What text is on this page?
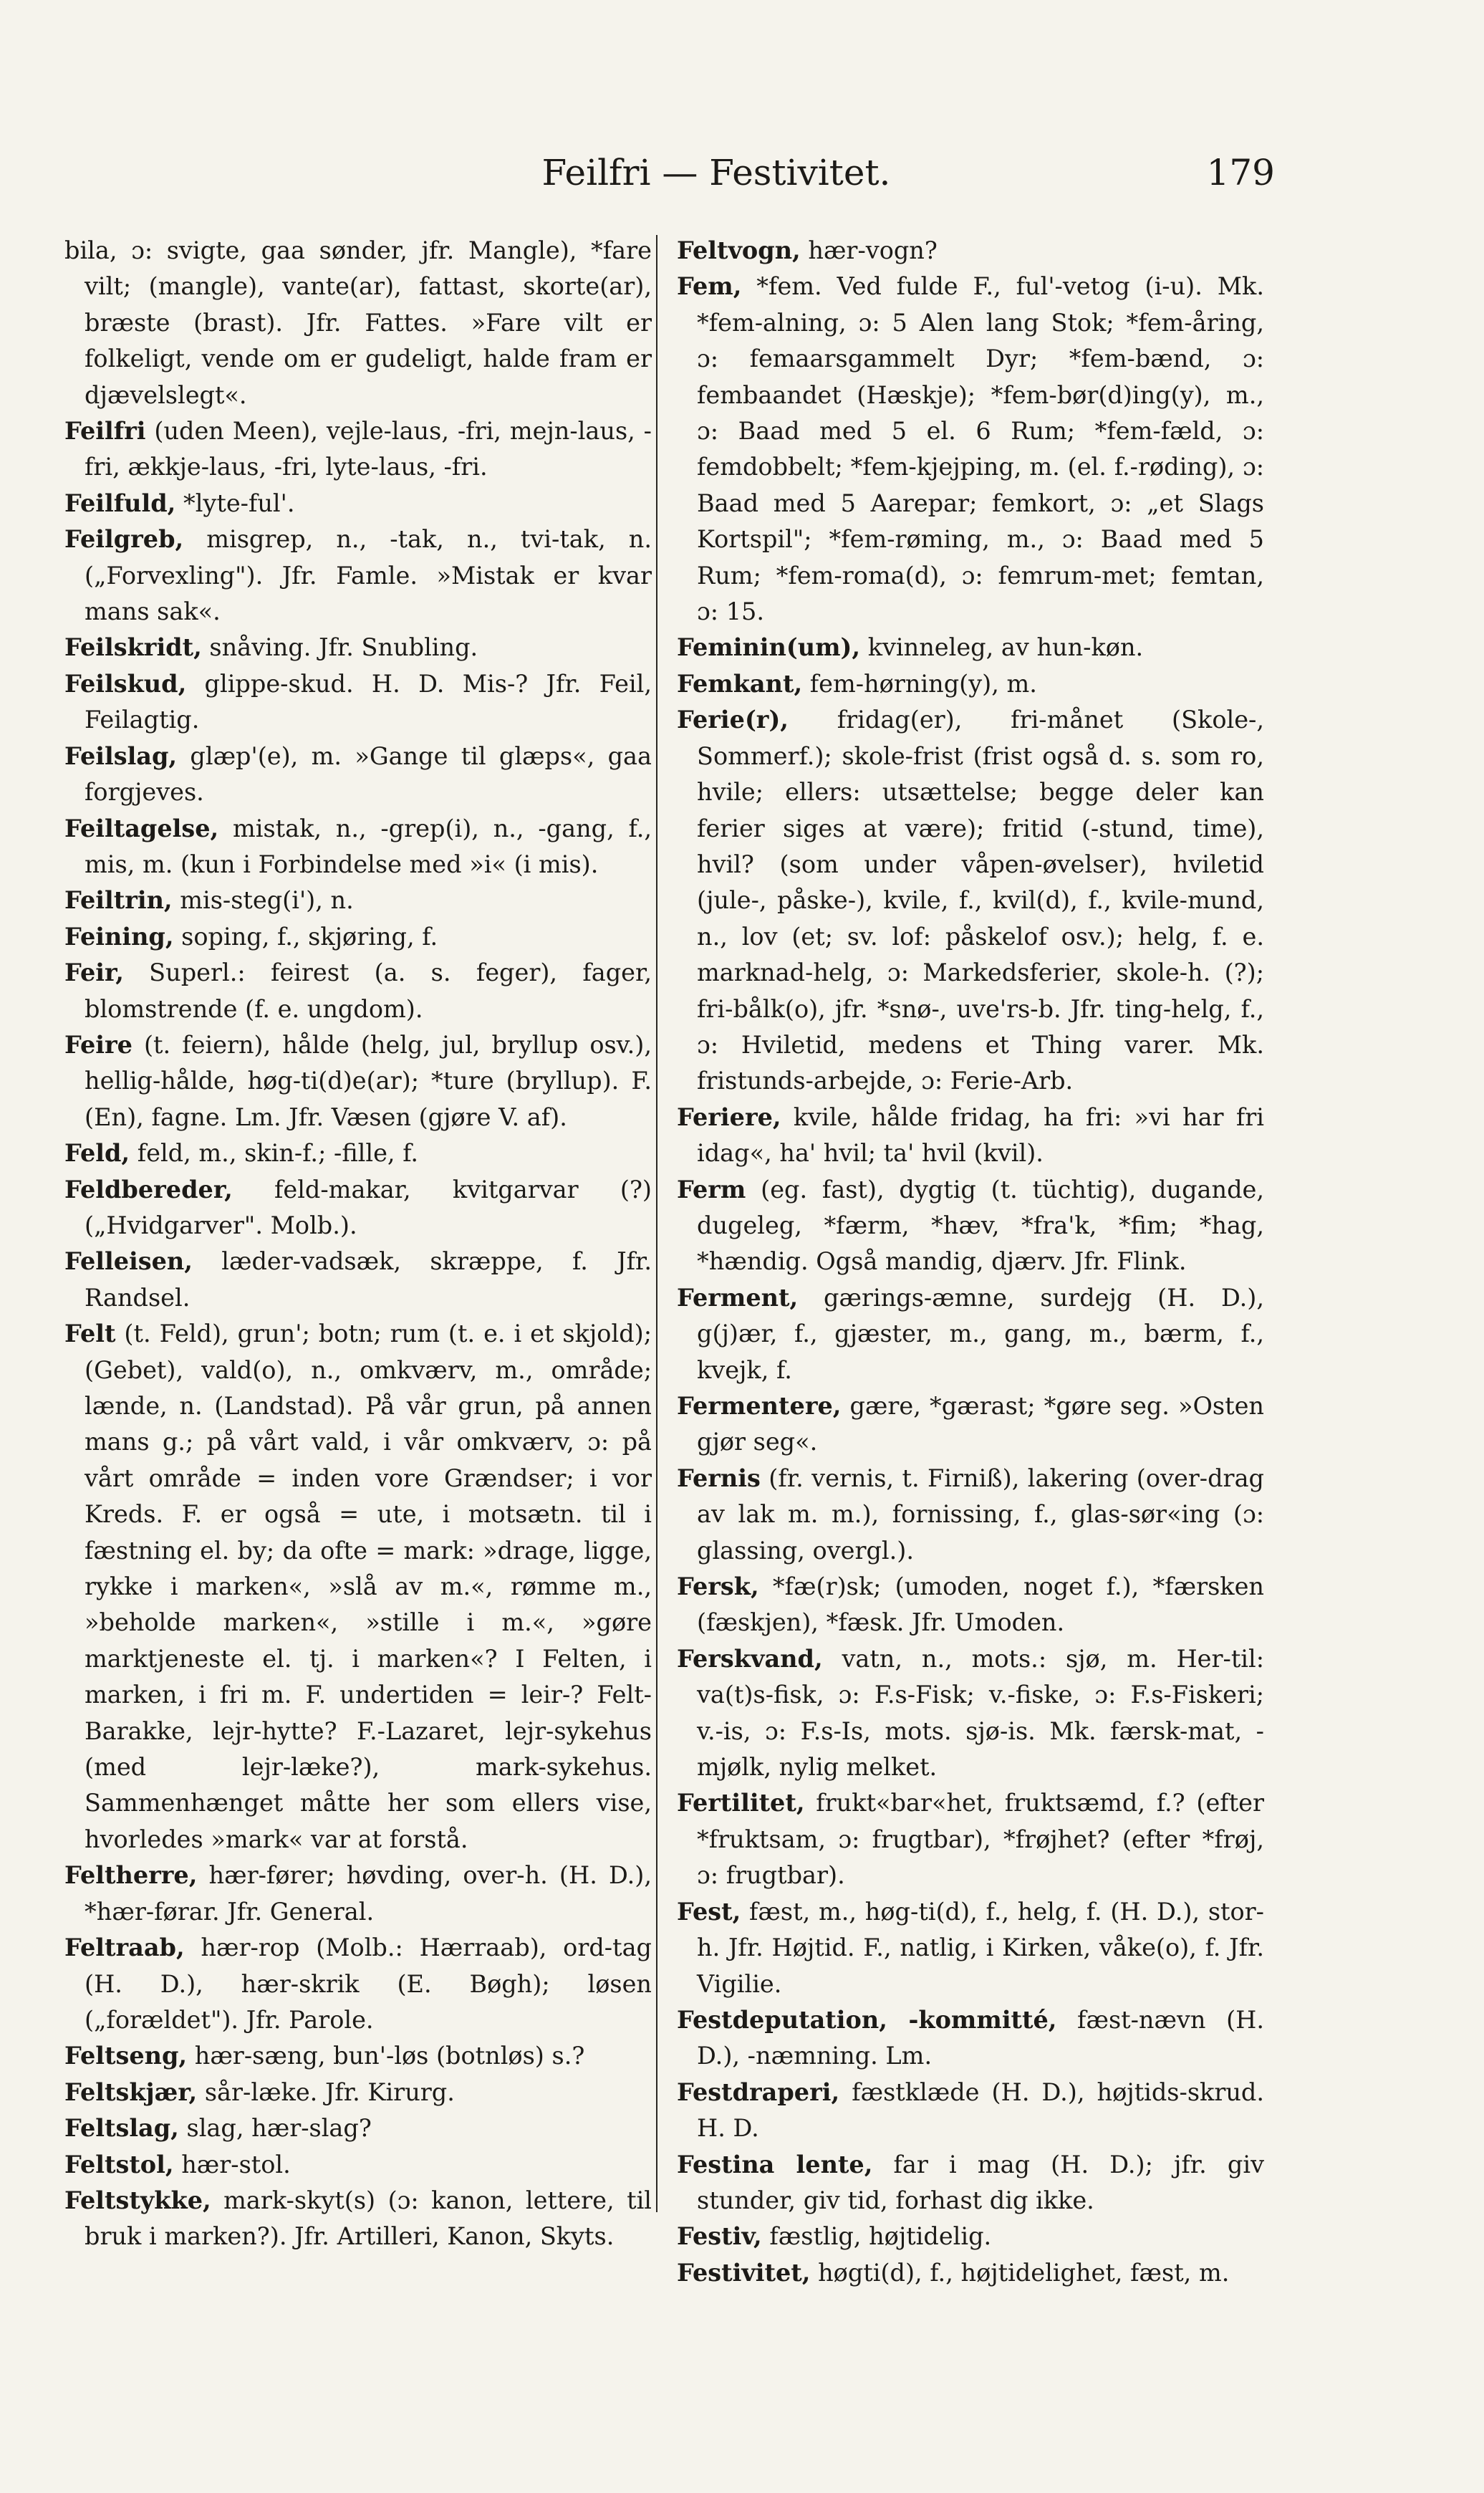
Feilfri — Festivitet.	179

bila, ɔ: svigte, gaa sønder, jfr. Mangle), *fare vilt; (mangle), vante(ar), fattast, skorte(ar), bræste (brast). Jfr. Fattes. »Fare vilt er folkeligt, vende om er gudeligt, halde fram er djævelslegt«.

Feilfri (uden Meen), vejle-laus, -fri, mejn-laus, -fri, ækkje-laus, -fri, lyte-laus, -fri.

Feilfuld, *lyte-ful'.

Feilgreb, misgrep, n., -tak, n., tvi-tak, n. („Forvexling"). Jfr. Famle. »Mistak er kvar mans sak«.

Feilskridt, snåving. Jfr. Snubling.

Feilskud, glippe-skud. H. D. Mis-? Jfr. Feil, Feilagtig.

Feilslag, glæp'(e), m. »Gange til glæps«, gaa forgjeves.

Feiltagelse, mistak, n., -grep(i), n., -gang, f., mis, m. (kun i Forbindelse med »i« (i mis).

Feiltrin, mis-steg(i'), n.

Feining, soping, f., skjøring, f.

Feir, Superl.: feirest (a. s. feger), fager, blomstrende (f. e. ungdom).

Feire (t. feiern), hålde (helg, jul, bryllup osv.), hellig-hålde, høg-ti(d)e(ar); *ture (bryllup). F. (En), fagne. Lm. Jfr. Væsen (gjøre V. af).

Feld, feld, m., skin-f.; -fille, f.

Feldbereder, feld-makar, kvitgarvar (?) („Hvidgarver". Molb.).

Felleisen, læder-vadsæk, skræppe, f. Jfr. Randsel.

Felt (t. Feld), grun'; botn; rum (t. e. i et skjold); (Gebet), vald(o), n., omkværv, m., område; lænde, n. (Landstad). På vår grun, på annen mans g.; på vårt vald, i vår omkværv, ɔ: på vårt område = inden vore Grændser; i vor Kreds. F. er også = ute, i motsætn. til i fæstning el. by; da ofte = mark: »drage, ligge, rykke i marken«, »slå av m.«, rømme m., »beholde marken«, »stille i m.«, »gøre marktjeneste el. tj. i marken«? I Felten, i marken, i fri m. F. undertiden = leir-? Felt-Barakke, lejr-hytte? F.-Lazaret, lejr-sykehus (med lejr-læke?), mark-sykehus. Sammenhænget måtte her som ellers vise, hvorledes »mark« var at forstå.

Feltherre, hær-fører; høvding, over-h. (H. D.), *hær-førar. Jfr. General.

Feltraab, hær-rop (Molb.: Hærraab), ord-tag (H. D.), hær-skrik (E. Bøgh); løsen („forældet"). Jfr. Parole.

Feltseng, hær-sæng, bun'-løs (botnløs) s.?

Feltskjær, sår-læke. Jfr. Kirurg.

Feltslag, slag, hær-slag?

Feltstol, hær-stol.

Feltstykke, mark-skyt(s) (ɔ: kanon, lettere, til bruk i marken?). Jfr. Artilleri, Kanon, Skyts.

Feltvogn, hær-vogn?

Fem, *fem. Ved fulde F., ful'-vetog (i-u). Mk. *fem-alning, ɔ: 5 Alen lang Stok; *fem-åring, ɔ: femaarsgammelt Dyr; *fem-bænd, ɔ: fembaandet (Hæskje); *fem-bør(d)ing(y), m., ɔ: Baad med 5 el. 6 Rum; *fem-fæld, ɔ: femdobbelt; *fem-kjejping, m. (el. f.-røding), ɔ: Baad med 5 Aarepar; femkort, ɔ: „et Slags Kortspil"; *fem-røming, m., ɔ: Baad med 5 Rum; *fem-roma(d), ɔ: femrum-met; femtan, ɔ: 15.

Feminin(um), kvinneleg, av hun-køn.

Femkant, fem-hørning(y), m.

Ferie(r), fridag(er), fri-månet (Skole-, Sommerf.); skole-frist (frist også d. s. som ro, hvile; ellers: utsættelse; begge deler kan ferier siges at være); fritid (-stund, time), hvil? (som under våpen-øvelser), hviletid (jule-, påske-), kvile, f., kvil(d), f., kvile-mund, n., lov (et; sv. lof: påskelof osv.); helg, f. e. marknad-helg, ɔ: Markedsferier, skole-h. (?); fri-bålk(o), jfr. *snø-, uve'rs-b. Jfr. ting-helg, f., ɔ: Hviletid, medens et Thing varer. Mk. fristunds-arbejde, ɔ: Ferie-Arb.

Feriere, kvile, hålde fridag, ha fri: »vi har fri idag«, ha' hvil; ta' hvil (kvil).

Ferm (eg. fast), dygtig (t. tüchtig), dugande, dugeleg, *færm, *hæv, *fra'k, *fim; *hag, *hændig. Også mandig, djærv. Jfr. Flink.

Ferment, gærings-æmne, surdejg (H. D.), g(j)ær, f., gjæster, m., gang, m., bærm, f., kvejk, f.

Fermentere, gære, *gærast; *gøre seg. »Osten gjør seg«.

Fernis (fr. vernis, t. Firniß), lakering (over-drag av lak m. m.), fornissing, f., glas-sør«ing (ɔ: glassing, overgl.).

Fersk, *fæ(r)sk; (umoden, noget f.), *færsken (fæskjen), *fæsk. Jfr. Umoden.

Ferskvand, vatn, n., mots.: sjø, m. Her-til: va(t)s-fisk, ɔ: F.s-Fisk; v.-fiske, ɔ: F.s-Fiskeri; v.-is, ɔ: F.s-Is, mots. sjø-is. Mk. færsk-mat, -mjølk, nylig melket.

Fertilitet, frukt«bar«het, fruktsæmd, f.? (efter *fruktsam, ɔ: frugtbar), *frøjhet? (efter *frøj, ɔ: frugtbar).

Fest, fæst, m., høg-ti(d), f., helg, f. (H. D.), stor-h. Jfr. Højtid. F., natlig, i Kirken, våke(o), f. Jfr. Vigilie.

Festdeputation, -kommitté, fæst-nævn (H. D.), -næmning. Lm.

Festdraperi, fæstklæde (H. D.), højtids-skrud. H. D.

Festina lente, far i mag (H. D.); jfr. giv stunder, giv tid, forhast dig ikke.

Festiv, fæstlig, højtidelig.

Festivitet, høgti(d), f., højtidelighet, fæst, m.
